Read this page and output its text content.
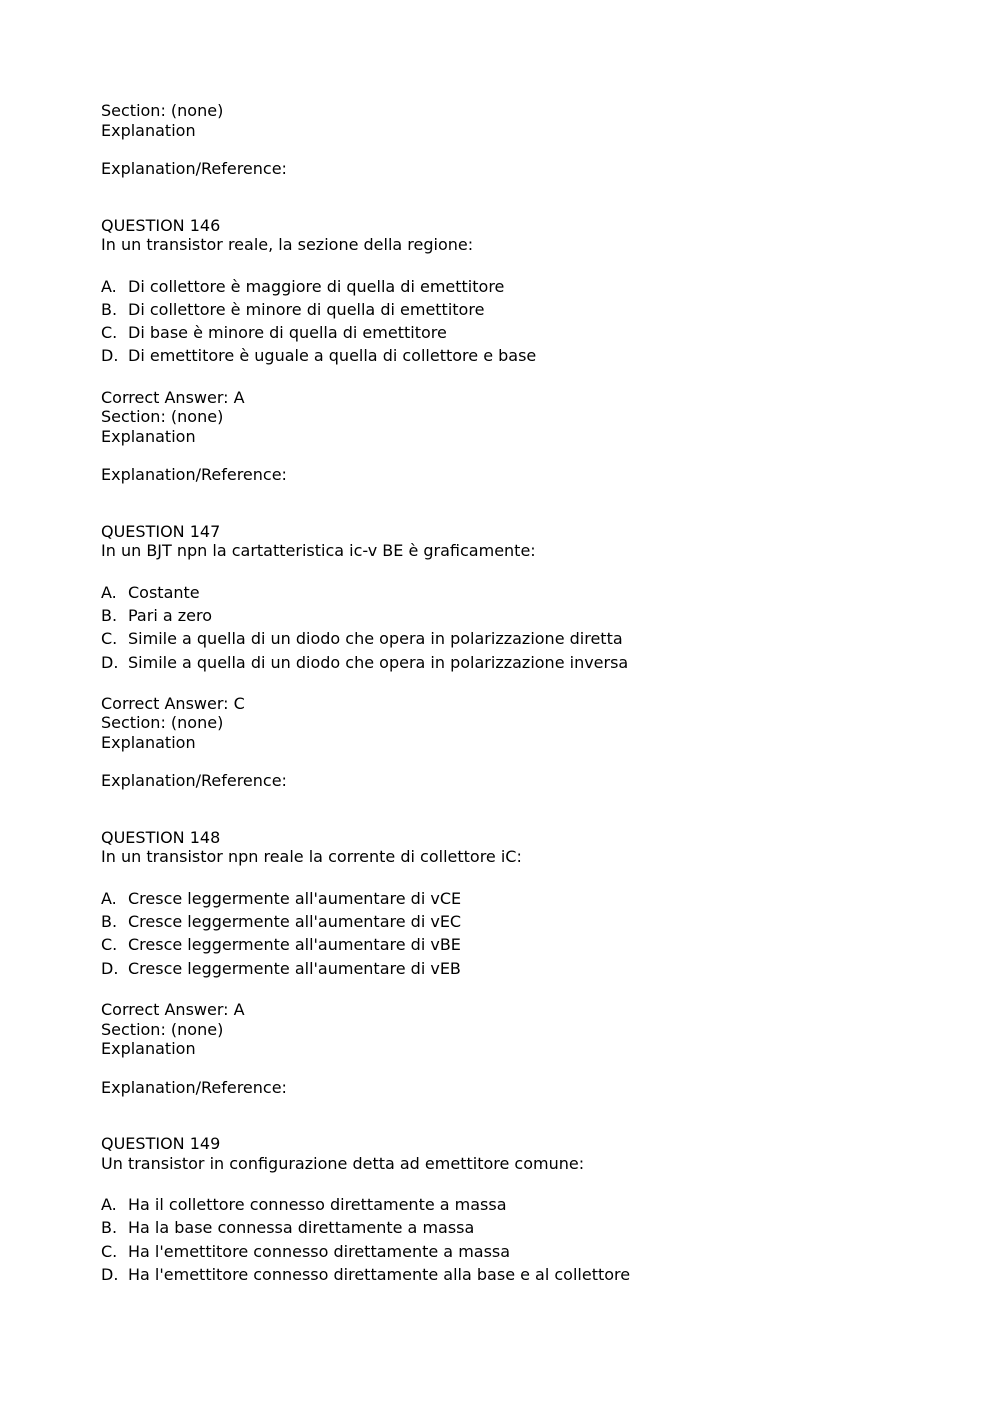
Section: (none)
Explanation
Explanation/Reference:
QUESTION 146
In un transistor reale, la sezione della regione:
A. Di collettore è maggiore di quella di emettitore
B. Di collettore è minore di quella di emettitore
C. Di base è minore di quella di emettitore
D. Di emettitore è uguale a quella di collettore e base
Correct Answer: A
Section: (none)
Explanation
Explanation/Reference:
QUESTION 147
In un BJT npn la cartatteristica ic-v BE è graficamente:
A. Costante
B. Pari a zero
C. Simile a quella di un diodo che opera in polarizzazione diretta
D. Simile a quella di un diodo che opera in polarizzazione inversa
Correct Answer: C
Section: (none)
Explanation
Explanation/Reference:
QUESTION 148
In un transistor npn reale la corrente di collettore iC:
A. Cresce leggermente all'aumentare di vCE
B. Cresce leggermente all'aumentare di vEC
C. Cresce leggermente all'aumentare di vBE
D. Cresce leggermente all'aumentare di vEB
Correct Answer: A
Section: (none)
Explanation
Explanation/Reference:
QUESTION 149
Un transistor in configurazione detta ad emettitore comune:
A. Ha il collettore connesso direttamente a massa
B. Ha la base connessa direttamente a massa
C. Ha l'emettitore connesso direttamente a massa
D. Ha l'emettitore connesso direttamente alla base e al collettore
